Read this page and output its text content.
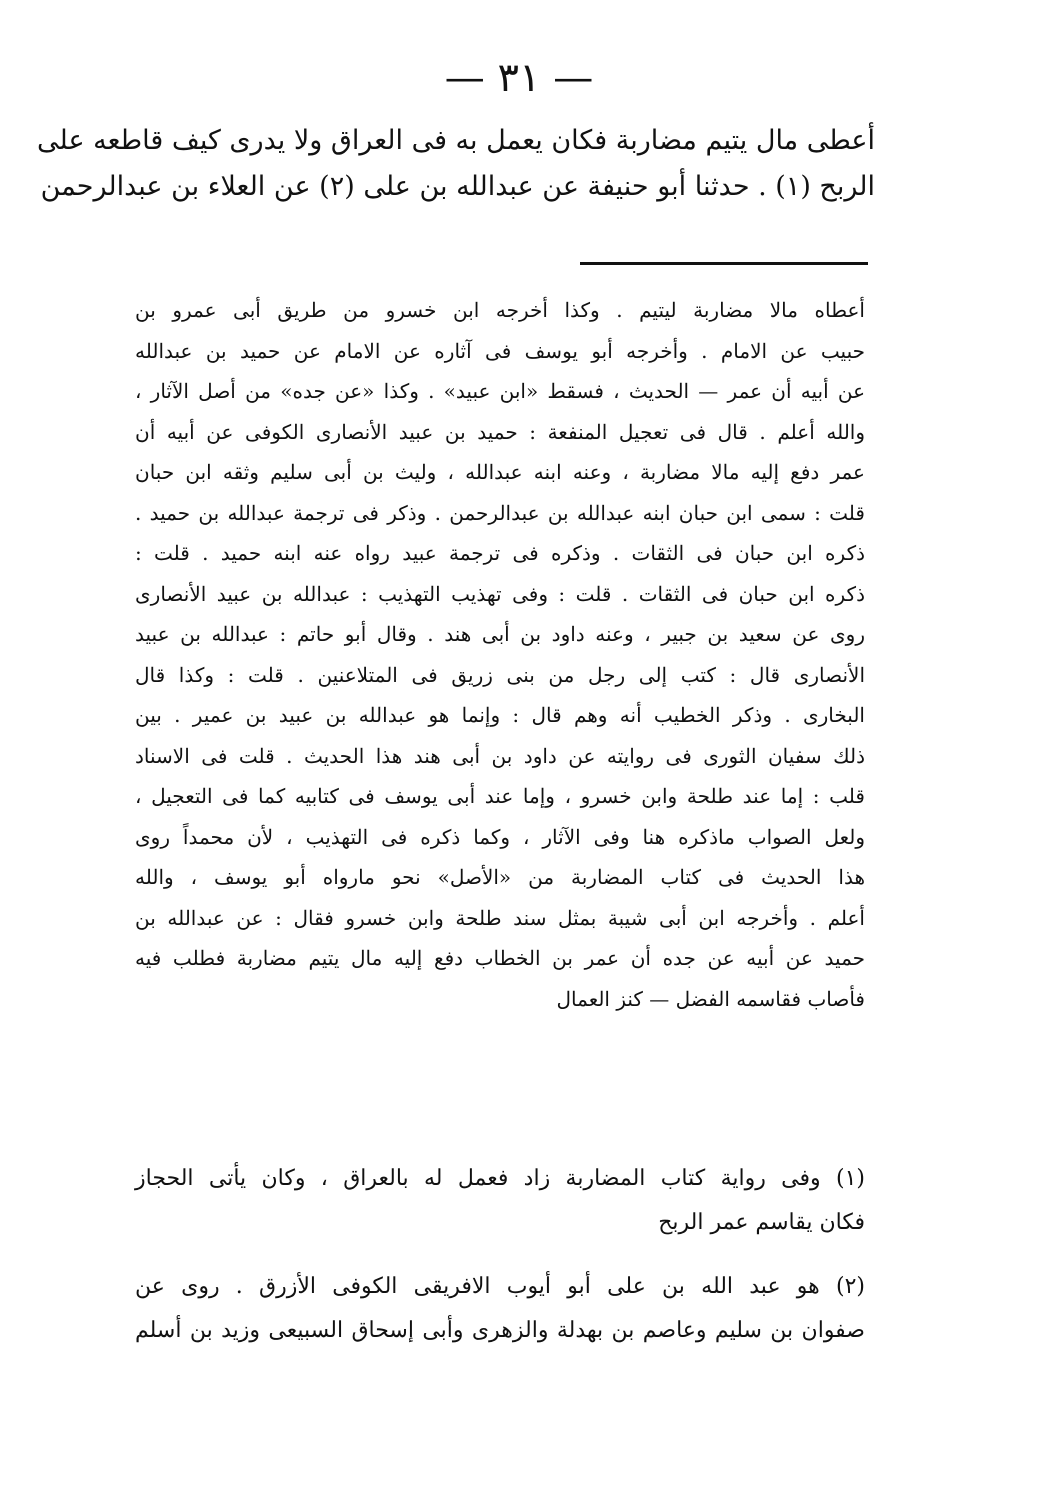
— ٣١ —
أعطى مال يتيم مضاربة فكان يعمل به فى العراق ولا يدرى كيف قاطعه على
الربح (١) . حدثنا أبو حنيفة عن عبدالله بن على (٢) عن العلاء بن عبدالرحمن
أعطاه مالا مضاربة ليتيم . وكذا أخرجه ابن خسرو من طريق أبى عمرو بن
حبيب عن الامام . وأخرجه أبو يوسف فى آثاره عن الامام عن حميد بن عبدالله
عن أبيه أن عمر — الحديث ، فسقط «ابن عبيد» . وكذا «عن جده» من أصل الآثار ،
والله أعلم . قال فى تعجيل المنفعة : حميد بن عبيد الأنصارى الكوفى عن أبيه أن
عمر دفع إليه مالا مضاربة ، وعنه ابنه عبدالله ، وليث بن أبى سليم وثقه ابن حبان
قلت : سمى ابن حبان ابنه عبدالله بن عبدالرحمن . وذكر فى ترجمة عبدالله بن حميد .
ذكره ابن حبان فى الثقات . وذكره فى ترجمة عبيد رواه عنه ابنه حميد . قلت :
ذكره ابن حبان فى الثقات . قلت : وفى تهذيب التهذيب : عبدالله بن عبيد الأنصارى
روى عن سعيد بن جبير ، وعنه داود بن أبى هند . وقال أبو حاتم : عبدالله بن عبيد
الأنصارى قال : كتب إلى رجل من بنى زريق فى المتلاعنين . قلت : وكذا قال
البخارى . وذكر الخطيب أنه وهم قال : وإنما هو عبدالله بن عبيد بن عمير . بين
ذلك سفيان الثورى فى روايته عن داود بن أبى هند هذا الحديث . قلت فى الاسناد
قلب : إما عند طلحة وابن خسرو ، وإما عند أبى يوسف فى كتابيه كما فى التعجيل ،
ولعل الصواب ماذكره هنا وفى الآثار ، وكما ذكره فى التهذيب ، لأن محمداً روى
هذا الحديث فى كتاب المضاربة من «الأصل» نحو مارواه أبو يوسف ، والله
أعلم . وأخرجه ابن أبى شيبة بمثل سند طلحة وابن خسرو فقال : عن عبدالله بن
حميد عن أبيه عن جده أن عمر بن الخطاب دفع إليه مال يتيم مضاربة فطلب فيه
فأصاب فقاسمه الفضل — كنز العمال
(١) وفى رواية كتاب المضاربة زاد فعمل له بالعراق ، وكان يأتى الحجاز
فكان يقاسم عمر الربح
(٢) هو عبد الله بن على أبو أيوب الافريقى الكوفى الأزرق . روى عن
صفوان بن سليم وعاصم بن بهدلة والزهرى وأبى إسحاق السبيعى وزيد بن أسلم
